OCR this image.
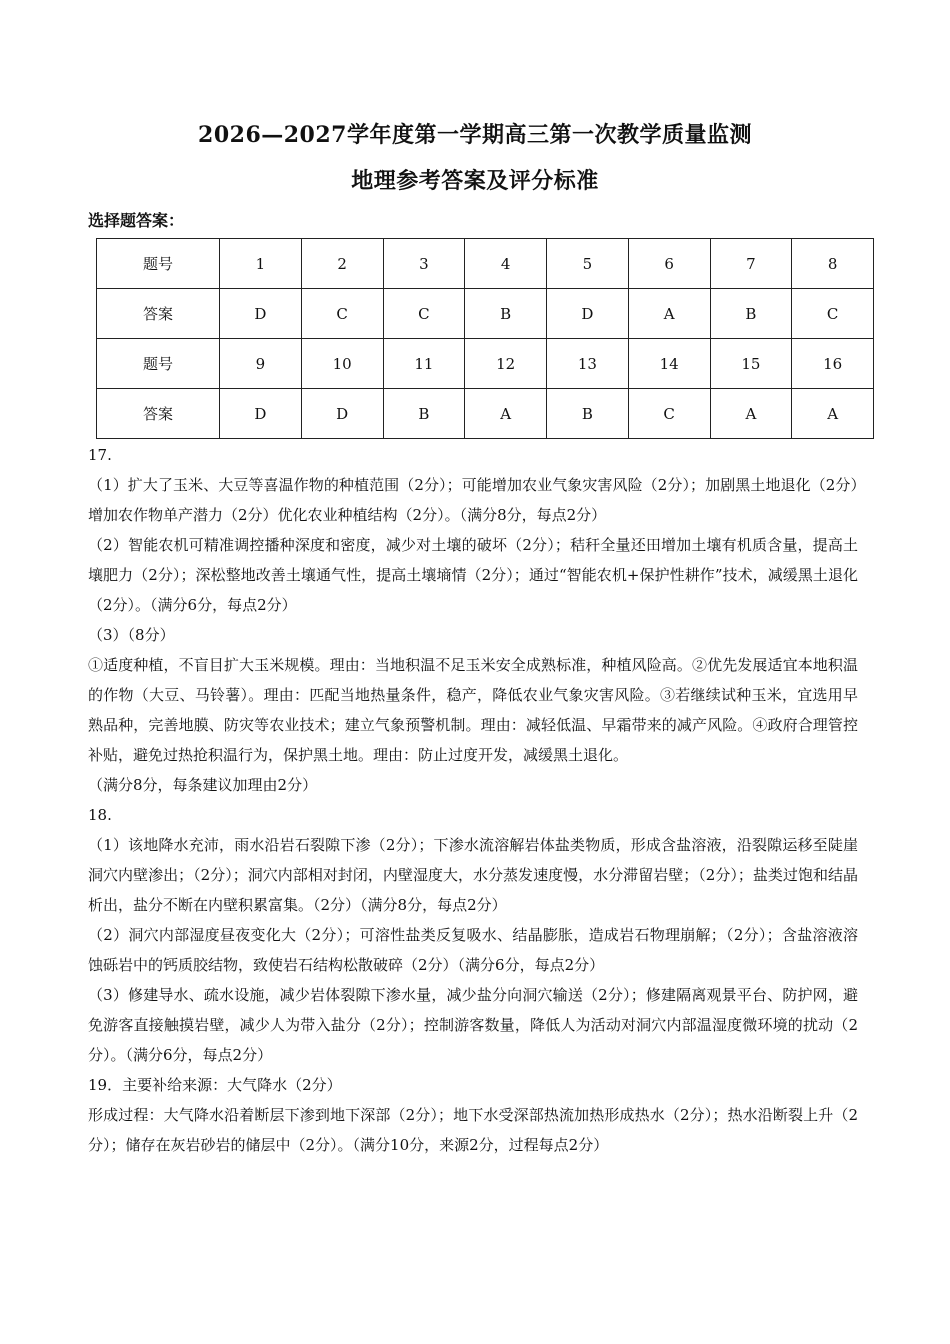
2026—2027学年度第一学期高三第一次教学质量监测
地理参考答案及评分标准
选择题答案：
题号	1	2	3	4	5	6	7	8
答案	D	C	C	B	D	A	B	C
题号	9	10	11	12	13	14	15	16
答案	D	D	B	A	B	C	A	A

17.

（1）扩大了玉米、大豆等喜温作物的种植范围（2分）；可能增加农业气象灾害风险（2分）；加剧黑土地退化（2分）增加农作物单产潜力（2分）优化农业种植结构（2分）。（满分8分，每点2分）

（2）智能农机可精准调控播种深度和密度，减少对土壤的破坏（2分）；秸秆全量还田增加土壤有机质含量，提高土壤肥力（2分）；深松整地改善土壤通气性，提高土壤墒情（2分）；通过“智能农机+保护性耕作”技术，减缓黑土退化（2分）。（满分6分，每点2分）

（3）（8分）

①适度种植，不盲目扩大玉米规模。理由：当地积温不足玉米安全成熟标准，种植风险高。②优先发展适宜本地积温的作物（大豆、马铃薯）。理由：匹配当地热量条件，稳产，降低农业气象灾害风险。③若继续试种玉米，宜选用早熟品种，完善地膜、防灾等农业技术；建立气象预警机制。理由：减轻低温、早霜带来的减产风险。④政府合理管控补贴，避免过热抢积温行为，保护黑土地。理由：防止过度开发，减缓黑土退化。

（满分8分，每条建议加理由2分）

18.

（1）该地降水充沛，雨水沿岩石裂隙下渗（2分）；下渗水流溶解岩体盐类物质，形成含盐溶液，沿裂隙运移至陡崖洞穴内壁渗出；（2分）；洞穴内部相对封闭，内壁湿度大，水分蒸发速度慢，水分滞留岩壁；（2分）；盐类过饱和结晶析出，盐分不断在内壁积累富集。（2分）（满分8分，每点2分）

（2）洞穴内部湿度昼夜变化大（2分）；可溶性盐类反复吸水、结晶膨胀，造成岩石物理崩解；（2分）；含盐溶液溶蚀砾岩中的钙质胶结物，致使岩石结构松散破碎（2分）（满分6分，每点2分）

（3）修建导水、疏水设施，减少岩体裂隙下渗水量，减少盐分向洞穴输送（2分）；修建隔离观景平台、防护网，避免游客直接触摸岩壁，减少人为带入盐分（2分）；控制游客数量，降低人为活动对洞穴内部温湿度微环境的扰动（2分）。（满分6分，每点2分）

19．主要补给来源：大气降水（2分）

形成过程：大气降水沿着断层下渗到地下深部（2分）；地下水受深部热流加热形成热水（2分）；热水沿断裂上升（2分）；储存在灰岩砂岩的储层中（2分）。（满分10分，来源2分，过程每点2分）
